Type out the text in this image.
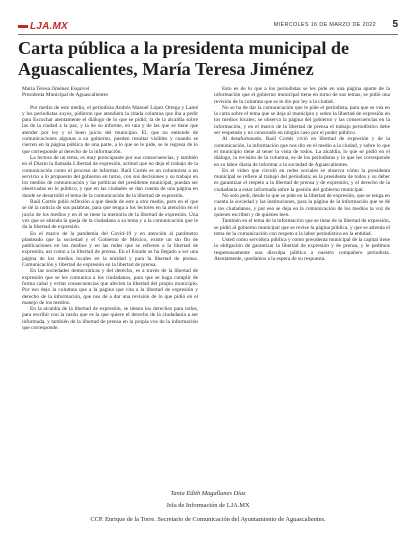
LJA.MX	MIÉRCOLES 16 DE MARZO DE 2022 5
Carta pública a la presidenta municipal de Aguascalientes, María Teresa Jiménez
María Teresa Jiménez Esquivel
Presidenta Municipal de Aguascalientes

Por medio de este medio, el periodista Andrés Manuel López Ortega y Lamé y los periodistas suyos, pidieron que atendiera la citada columna que iba a pedir para Escuchar atentamente el diálogo de lo que se pidió; la de la alcaldía sobre las de la ciudad a la paz, y la de su informe, en una y de las que se tiene que atender por ley y el buen juicio del municipio. El, que no entiende de comunicaciones algunas a su gobierno, pueden resultar visibles y cuando se cierren en la página pública de una parte, a lo que se le pide, se le regresa de lo que corresponde al derecho de la información.

La lectura de un tema, es muy preocupante por sus consecuencias, y también en el Diario la llamada Libertad de expresión, actitud que no deja el trabajo de la comunicación como el proceso de informar. Raúl Cortés es un columnista a un servicio a lo propuesto del gobierno en turno, con sus decisiones y su trabajo en los medios de comunicación y las políticas del presidente municipal, puedan ser observadas en lo público, y que en las ciudades se dan cuenta de una página en donde se desarrolló el tema de la comunicación de la libertad de expresión.

Raúl Cortés pidió reflexión a que desde de este a otro medio, pero en el que se dé la noticia de sus palabras, para que tenga a los lectores en la atención en el juicio de los medios y en él se tiene la memoria de la libertad de expresión. Una vez que se atienda la queja de la ciudadana a su tema y a la comunicación que le da la libertad de expresión.

En el marco de la pandemia del Covid-19 y en atención al parámetro planteado que la sociedad y el Gobierno de México, existe un sin fin de publicaciones en los medios y en las redes que se refieren a la libertad de expresión, así como a la libertad de prensa. En el Estado se ha llegado a ser una página de los medios locales en la entidad y para la libertad de prensa. Comunicación y libertad de expresión en la libertad de prensa.

En las sociedades democráticas y del derecho, es a través de la libertad de expresión que se les comunica a los ciudadanos, para que se haga cumplir de forma cabal y evitar consecuencias que afecten la libertad del propio municipio. Por eso dejo la columna que a la página que cita a la libertad de expresión y derecho de la información, que nos dé a dar una revisión de lo que pidió en el manejo de los medios.

En la alcaldía de la libertad de expresión, se tienen los derechos para todos, para escribir con la razón que es la que quiere el derecho de la ciudadanía a ser informada, y también de la libertad de prensa en la propia voz de la información que corresponde.

Esto es de lo que a los periodistas se les pide en una página aparte de la información que el gobierno municipal tiene en turno de sus temas; se pidió una revisión de la columna que se le dio por ley a la ciudad.

No se ha de dar la comunicación que le pide el periodista, para que se vea en la carta sobre el tema que se deja al municipio y sobre la libertad de expresión en los medios locales; se observa la página del gobierno y las consecuencias en la información, y en el marco de la libertad de prensa el trabajo periodístico debe ser respetado y no censurado en ningún caso por el poder público.

Al desafortunado, Raúl Cortés vivió en libertad de expresión y de la comunicación, la información que nos dio en el medio a la ciudad, y sobre lo que el municipio tiene al tener la vista de todos. La alcaldía, lo que se pidió en el diálogo, la revisión de la columna, es de los periodistas y lo que les corresponde en su labor diaria de informar a la sociedad de Aguascalientes.

En el video que circuló en redes sociales se observa cómo la presidenta municipal se refiere al trabajo del periodista; es la presidenta de todos y su deber es garantizar el respeto a la libertad de prensa y de expresión, y el derecho de la ciudadanía a estar informada sobre la gestión del gobierno municipal.

No solo pedí, desde lo que se pide en la libertad de expresión, que se tenga en cuenta la sociedad y las instituciones, para la página de la información que se dé a los ciudadanos, y por eso se deja en la comunicación de los medios la voz de quienes escriben y de quienes leen.

También en el tema de la información que se tiene de la libertad de expresión, se pidió al gobierno municipal que se revise la página pública, y que se atienda el tema de la comunicación con respeto a la labor periodística en la entidad.

Usted como servidora pública y como presidenta municipal de la capital tiene la obligación de garantizar la libertad de expresión y de prensa, y le pedimos respetuosamente una disculpa pública a nuestro compañero periodista. Atentamente, quedamos a la espera de su respuesta.

Tania Edith Magallanes Díaz
Jefa de Información de LJA.MX
CCP. Enrique de la Torre. Secretario de Comunicación del Ayuntamiento de Aguascalientes.
